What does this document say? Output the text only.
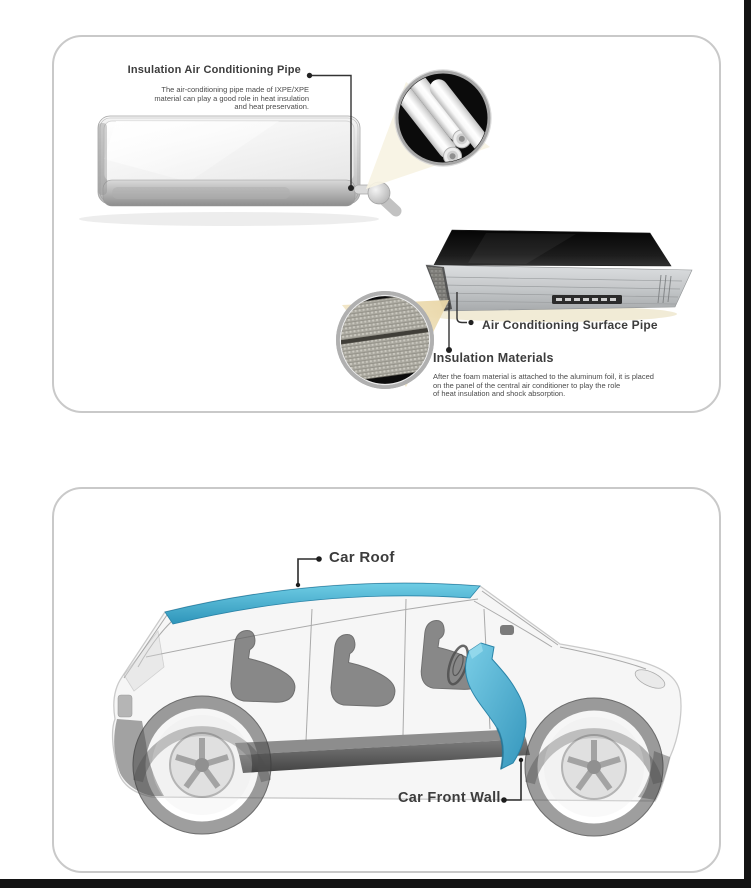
Insulation Air Conditioning Pipe
The air-conditioning pipe made of IXPE/XPE
material can play a good role in heat insulation
and heat preservation.
Air Conditioning Surface Pipe
Insulation Materials
After the foam material is attached to the aluminum foil, it is placed
on the panel of the central air conditioner to play the role
of heat insulation and shock absorption.
Car Roof
Car Front Wall
